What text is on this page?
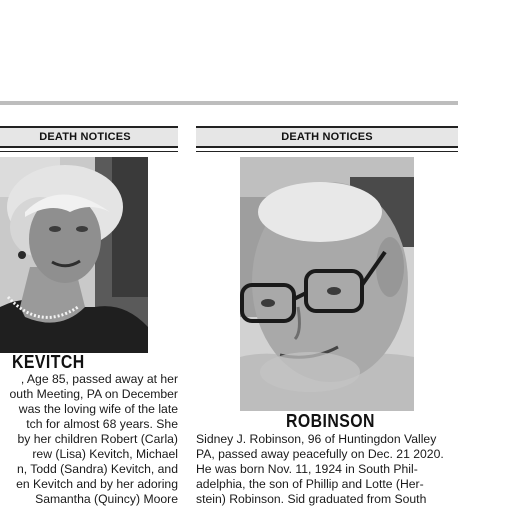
DEATH NOTICES
KEVITCH
, Age 85, passed away at her
outh Meeting, PA on December
was the loving wife of the late
tch for almost 68 years. She
by her children Robert (Carla)
rew (Lisa) Kevitch, Michael
n, Todd (Sandra) Kevitch, and
en Kevitch and by her adoring
Samantha (Quincy) Moore
DEATH NOTICES
ROBINSON
Sidney J. Robinson, 96 of Huntingdon Valley
PA, passed away peacefully on Dec. 21 2020.
He was born Nov. 11, 1924 in South Phil-
adelphia, the son of Phillip and Lotte (Her-
stein) Robinson. Sid graduated from South
